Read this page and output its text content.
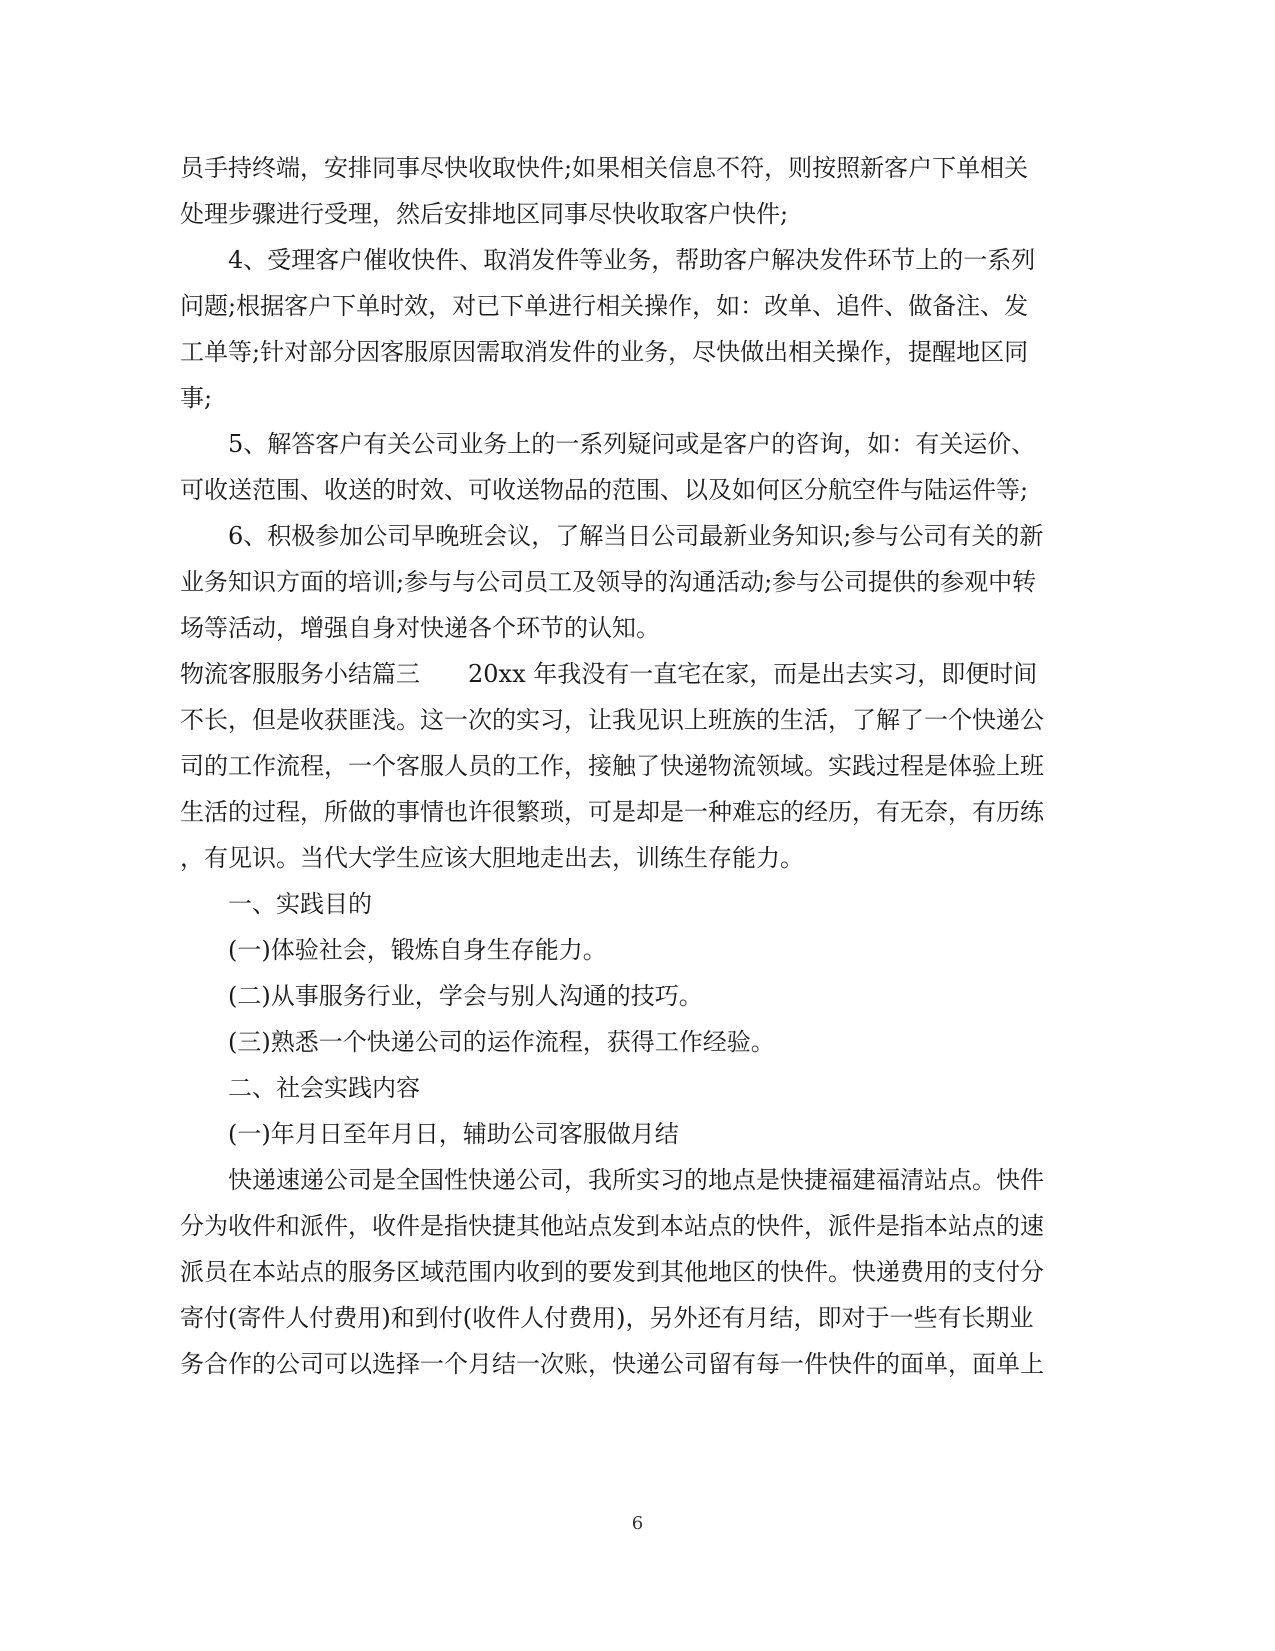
员手持终端，安排同事尽快收取快件;如果相关信息不符，则按照新客户下单相关
处理步骤进行受理，然后安排地区同事尽快收取客户快件;
4、受理客户催收快件、取消发件等业务，帮助客户解决发件环节上的一系列
问题;根据客户下单时效，对已下单进行相关操作，如：改单、追件、做备注、发
工单等;针对部分因客服原因需取消发件的业务，尽快做出相关操作，提醒地区同
事;
5、解答客户有关公司业务上的一系列疑问或是客户的咨询，如：有关运价、
可收送范围、收送的时效、可收送物品的范围、以及如何区分航空件与陆运件等;
6、积极参加公司早晚班会议，了解当日公司最新业务知识;参与公司有关的新
业务知识方面的培训;参与与公司员工及领导的沟通活动;参与公司提供的参观中转
场等活动，增强自身对快递各个环节的认知。
物流客服服务小结篇三　　20xx 年我没有一直宅在家，而是出去实习，即便时间
不长，但是收获匪浅。这一次的实习，让我见识上班族的生活，了解了一个快递公
司的工作流程，一个客服人员的工作，接触了快递物流领域。实践过程是体验上班
生活的过程，所做的事情也许很繁琐，可是却是一种难忘的经历，有无奈，有历练
，有见识。当代大学生应该大胆地走出去，训练生存能力。
一、实践目的
(一)体验社会，锻炼自身生存能力。
(二)从事服务行业，学会与别人沟通的技巧。
(三)熟悉一个快递公司的运作流程，获得工作经验。
二、社会实践内容
(一)年月日至年月日，辅助公司客服做月结
快递速递公司是全国性快递公司，我所实习的地点是快捷福建福清站点。快件
分为收件和派件，收件是指快捷其他站点发到本站点的快件，派件是指本站点的速
派员在本站点的服务区域范围内收到的要发到其他地区的快件。快递费用的支付分
寄付(寄件人付费用)和到付(收件人付费用)，另外还有月结，即对于一些有长期业
务合作的公司可以选择一个月结一次账，快递公司留有每一件快件的面单，面单上
6
